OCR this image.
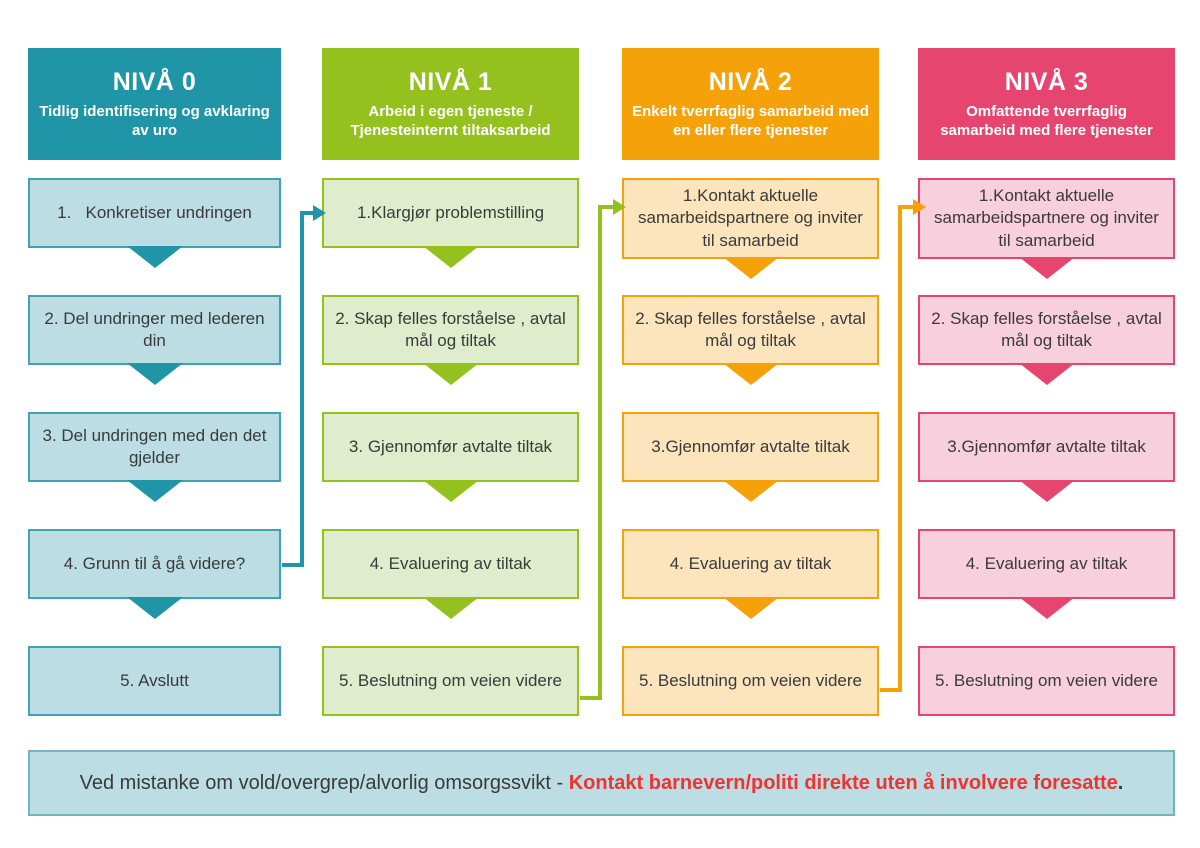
NIVÅ 0
Tidlig identifisering og avklaring av uro
1.   Konkretiser undringen
2. Del undringer med lederen din
3. Del undringen med den det gjelder
4. Grunn til å gå videre?
5. Avslutt
NIVÅ 1
Arbeid i egen tjeneste / Tjenesteinternt tiltaksarbeid
1.Klargjør problemstilling
2. Skap felles forståelse , avtal mål og tiltak
3. Gjennomfør avtalte tiltak
4. Evaluering av tiltak
5. Beslutning om veien videre
NIVÅ 2
Enkelt tverrfaglig samarbeid med en eller flere tjenester
1.Kontakt aktuelle samarbeidspartnere og inviter til samarbeid
2. Skap felles forståelse , avtal mål og tiltak
3.Gjennomfør avtalte tiltak
4. Evaluering av tiltak
5. Beslutning om veien videre
NIVÅ 3
Omfattende tverrfaglig samarbeid med flere tjenester
1.Kontakt aktuelle samarbeidspartnere og inviter til samarbeid
2. Skap felles forståelse , avtal mål og tiltak
3.Gjennomfør avtalte tiltak
4. Evaluering av tiltak
5. Beslutning om veien videre
Ved mistanke om vold/overgrep/alvorlig omsorgssvikt - Kontakt barnevern/politi direkte uten å involvere foresatte.
